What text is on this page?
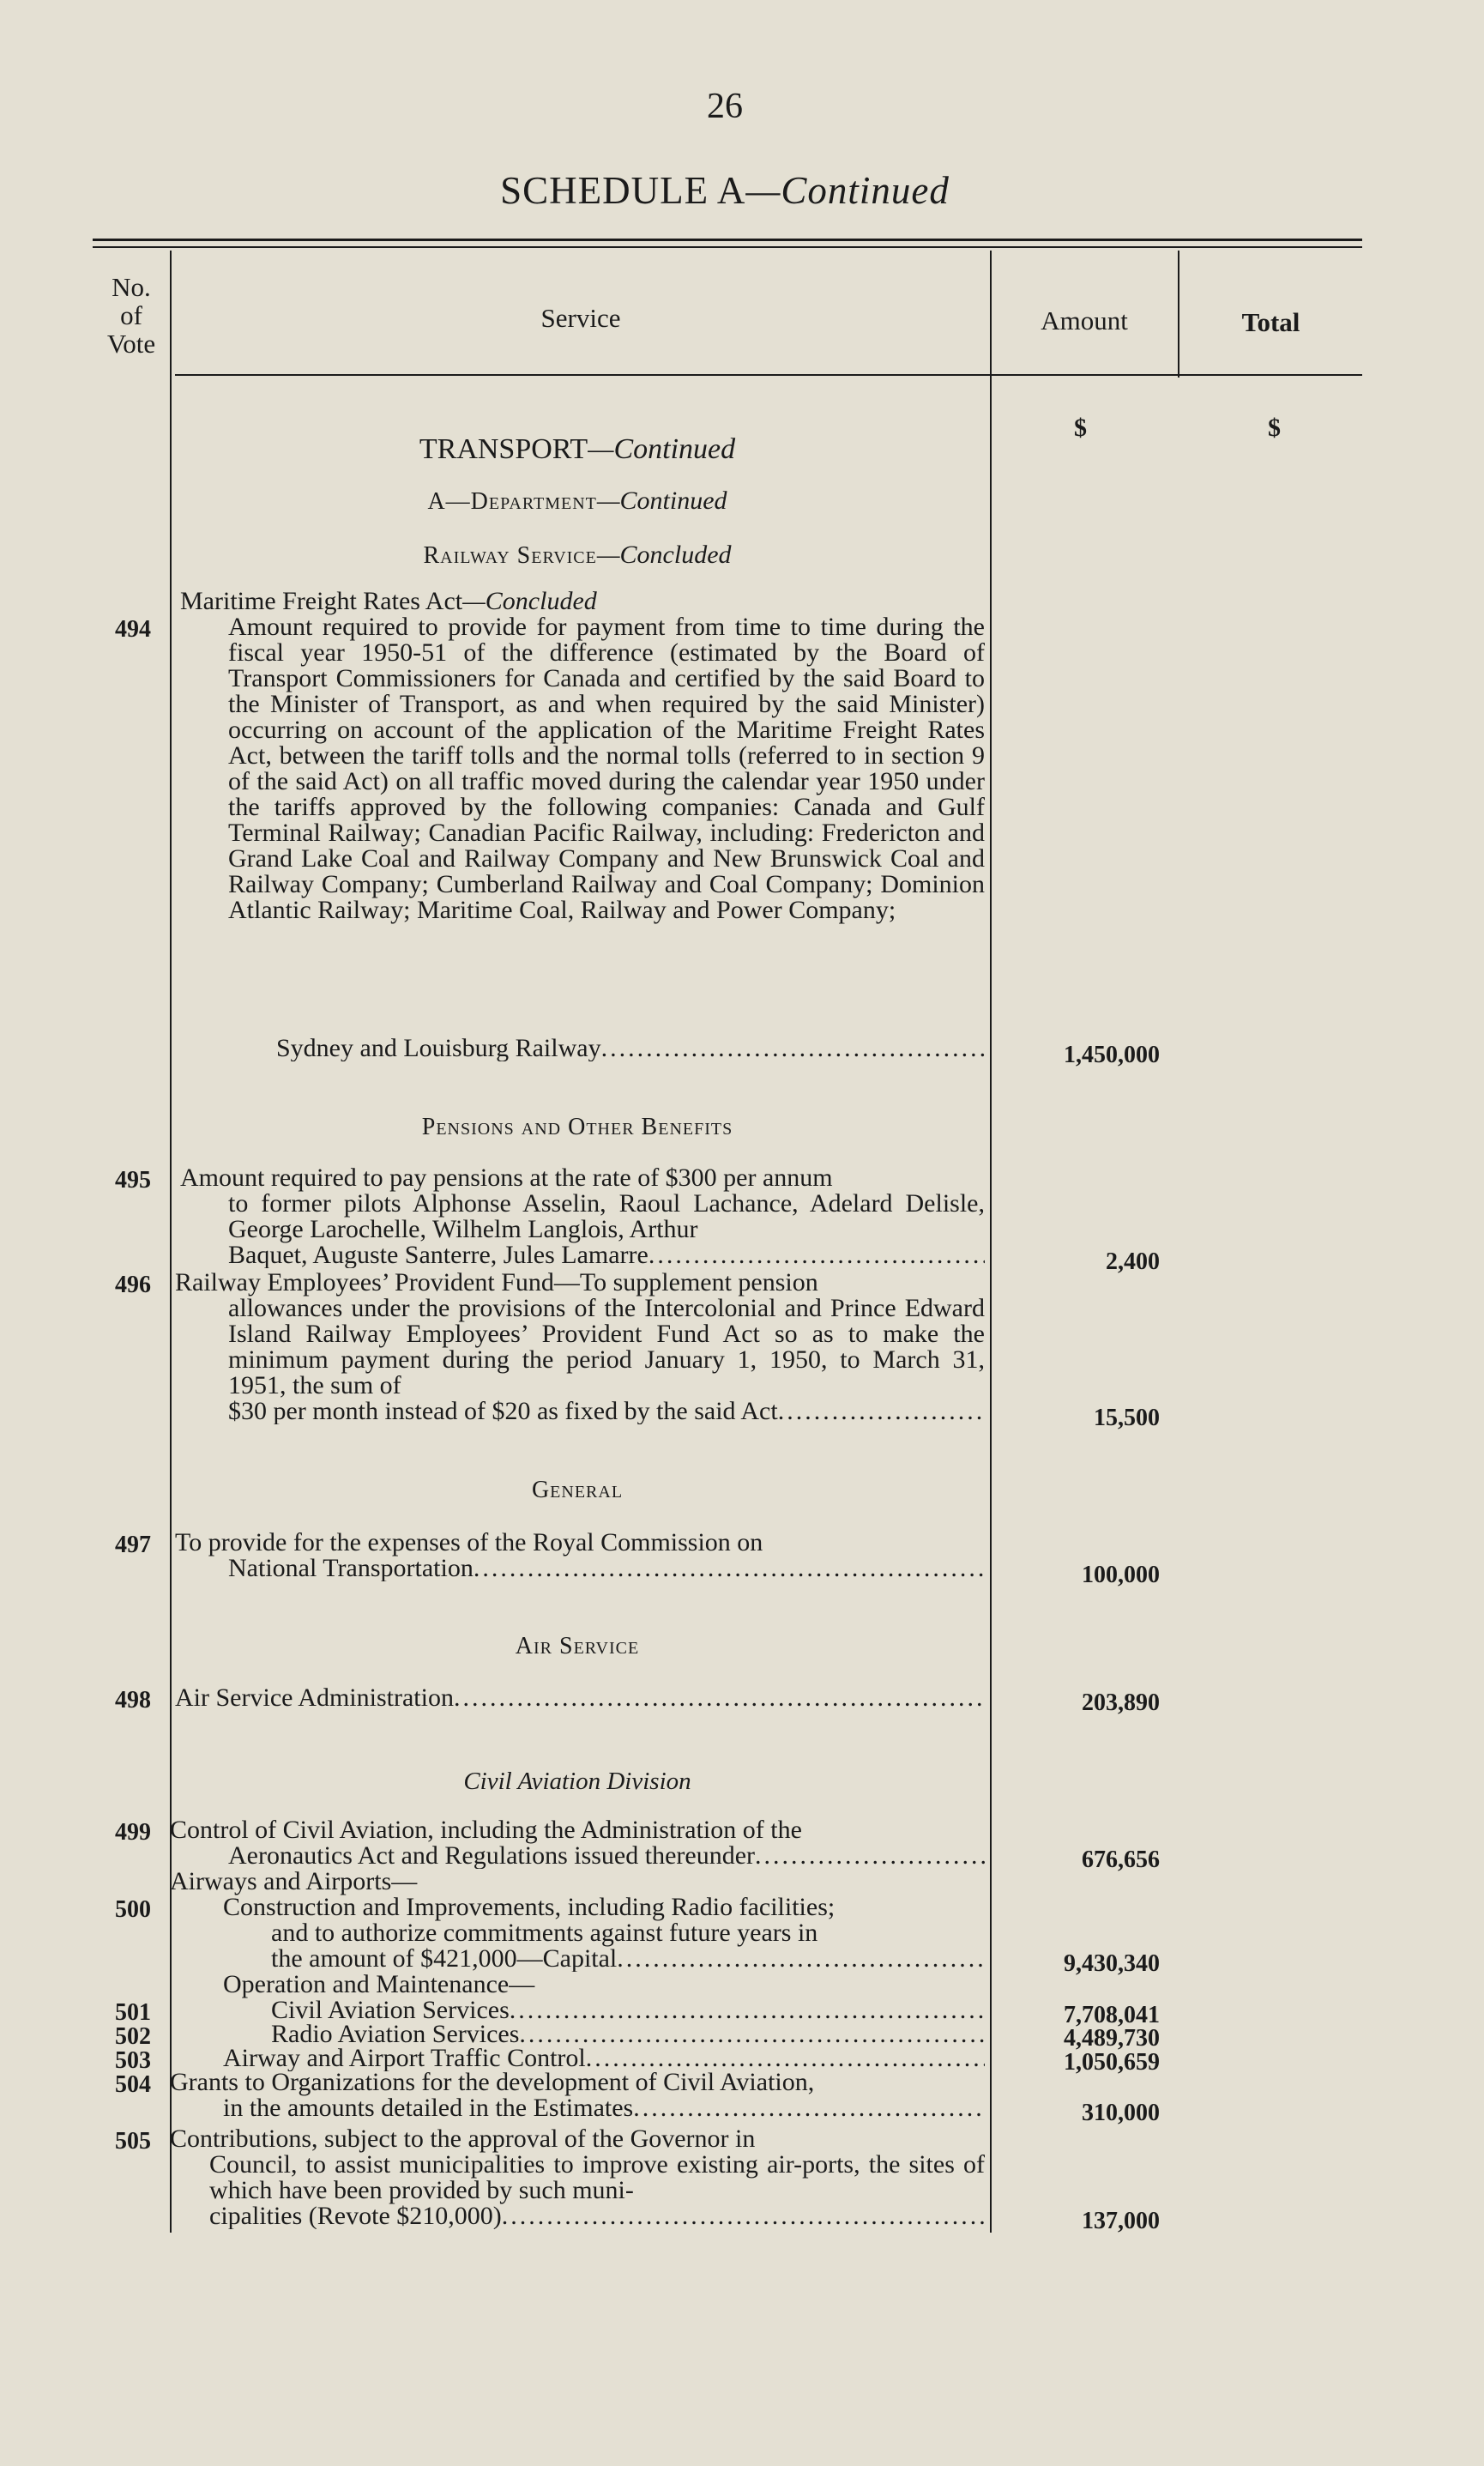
26
SCHEDULE A—Continued
No.
of
Vote
Service	Amount	Total
$	$
TRANSPORT—Continued
A—Department—Continued
Railway Service—Concluded
Maritime Freight Rates Act—Concluded
494	Amount required to provide for payment from time to time during the fiscal year 1950-51 of the difference (estimated by the Board of Transport Commissioners for Canada and certified by the said Board to the Minister of Transport, as and when required by the said Minister) occurring on account of the application of the Maritime Freight Rates Act, between the tariff tolls and the normal tolls (referred to in section 9 of the said Act) on all traffic moved during the calendar year 1950 under the tariffs approved by the following companies: Canada and Gulf Terminal Railway; Canadian Pacific Railway, including: Fredericton and Grand Lake Coal and Railway Company and New Brunswick Coal and Railway Company; Cumberland Railway and Coal Company; Dominion Atlantic Railway; Maritime Coal, Railway and Power Company;

Sydney and Louisburg Railway .....	1,450,000
Pensions and Other Benefits
495 Amount required to pay pensions at the rate of $300 per annum

to former pilots Alphonse Asselin, Raoul Lachance, Adelard Delisle, George Larochelle, Wilhelm Langlois, Arthur

Baquet, Auguste Santerre, Jules Lamarre .....	2,400
496 Railway Employees’ Provident Fund—To supplement pension

allowances under the provisions of the Intercolonial and Prince Edward Island Railway Employees’ Provident Fund Act so as to make the minimum payment during the period January 1, 1950, to March 31, 1951, the sum of

$30 per month instead of $20 as fixed by the said Act .....	15,500
General
497 To provide for the expenses of the Royal Commission on

National Transportation .....	100,000
Air Service
498 Air Service Administration .....	203,890
Civil Aviation Division
499 Control of Civil Aviation, including the Administration of the

Aeronautics Act and Regulations issued thereunder .....	676,656
Airways and Airports—
500	Construction and Improvements, including Radio facilities;

and to authorize commitments against future years in

the amount of $421,000—Capital .....	9,430,340
Operation and Maintenance—
501	Civil Aviation Services .....	7,708,041
502	Radio Aviation Services .....	4,489,730
503	Airway and Airport Traffic Control .....	1,050,659
504 Grants to Organizations for the development of Civil Aviation,

in the amounts detailed in the Estimates .....	310,000
505 Contributions, subject to the approval of the Governor in

Council, to assist municipalities to improve existing air-ports, the sites of which have been provided by such muni-

cipalities (Revote $210,000) .....	137,000
